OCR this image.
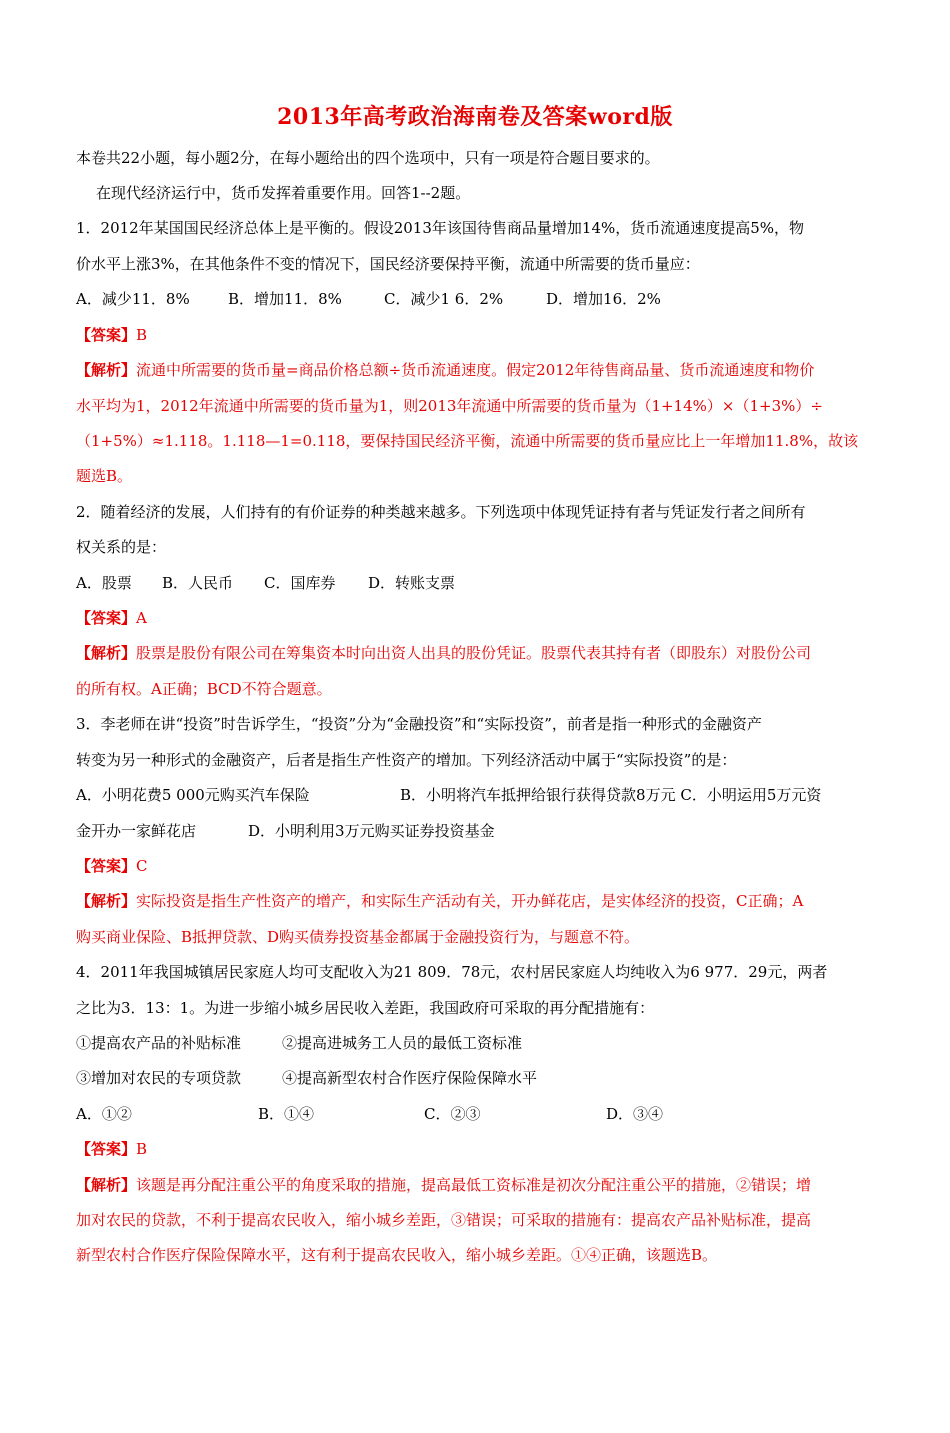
2013年高考政治海南卷及答案word版
本卷共22小题，每小题2分，在每小题给出的四个选项中，只有一项是符合题目要求的。
在现代经济运行中，货币发挥着重要作用。回答1--2题。
1．2012年某国国民经济总体上是平衡的。假设2013年该国待售商品量增加14%，货币流通速度提高5%，物
价水平上涨3%，在其他条件不变的情况下，国民经济要保持平衡，流通中所需要的货币量应：
A．减少11．8%	B．增加11．8%	C．减少1 6．2%	D．增加16．2%
【答案】B
【解析】流通中所需要的货币量=商品价格总额÷货币流通速度。假定2012年待售商品量、货币流通速度和物价
水平均为1，2012年流通中所需要的货币量为1，则2013年流通中所需要的货币量为（1+14%）×（1+3%）÷
（1+5%）≈1.118。1.118—1=0.118，要保持国民经济平衡，流通中所需要的货币量应比上一年增加11.8%，故该
题选B。
2．随着经济的发展，人们持有的有价证券的种类越来越多。下列选项中体现凭证持有者与凭证发行者之间所有
权关系的是：
A．股票 B．人民币 C．国库券 D．转账支票
【答案】A
【解析】股票是股份有限公司在筹集资本时向出资人出具的股份凭证。股票代表其持有者（即股东）对股份公司
的所有权。A正确；BCD不符合题意。
3．李老师在讲“投资”时告诉学生，“投资”分为“金融投资”和“实际投资”，前者是指一种形式的金融资产
转变为另一种形式的金融资产，后者是指生产性资产的增加。下列经济活动中属于“实际投资”的是：
A．小明花费5 000元购买汽车保险	B．小明将汽车抵押给银行获得贷款8万元 C．小明运用5万元资
金开办一家鲜花店	D．小明利用3万元购买证券投资基金
【答案】C
【解析】实际投资是指生产性资产的增产，和实际生产活动有关，开办鲜花店，是实体经济的投资，C正确；A
购买商业保险、B抵押贷款、D购买债券投资基金都属于金融投资行为，与题意不符。
4．2011年我国城镇居民家庭人均可支配收入为21 809．78元，农村居民家庭人均纯收入为6 977．29元，两者
之比为3．13：1。为进一步缩小城乡居民收入差距，我国政府可采取的再分配措施有：
①提高农产品的补贴标准	②提高进城务工人员的最低工资标准
③增加对农民的专项贷款	④提高新型农村合作医疗保险保障水平
A．①②	B．①④	C．②③	D．③④
【答案】B
【解析】该题是再分配注重公平的角度采取的措施，提高最低工资标准是初次分配注重公平的措施，②错误；增
加对农民的贷款，不利于提高农民收入，缩小城乡差距，③错误；可采取的措施有：提高农产品补贴标准，提高
新型农村合作医疗保险保障水平，这有利于提高农民收入，缩小城乡差距。①④正确，该题选B。
